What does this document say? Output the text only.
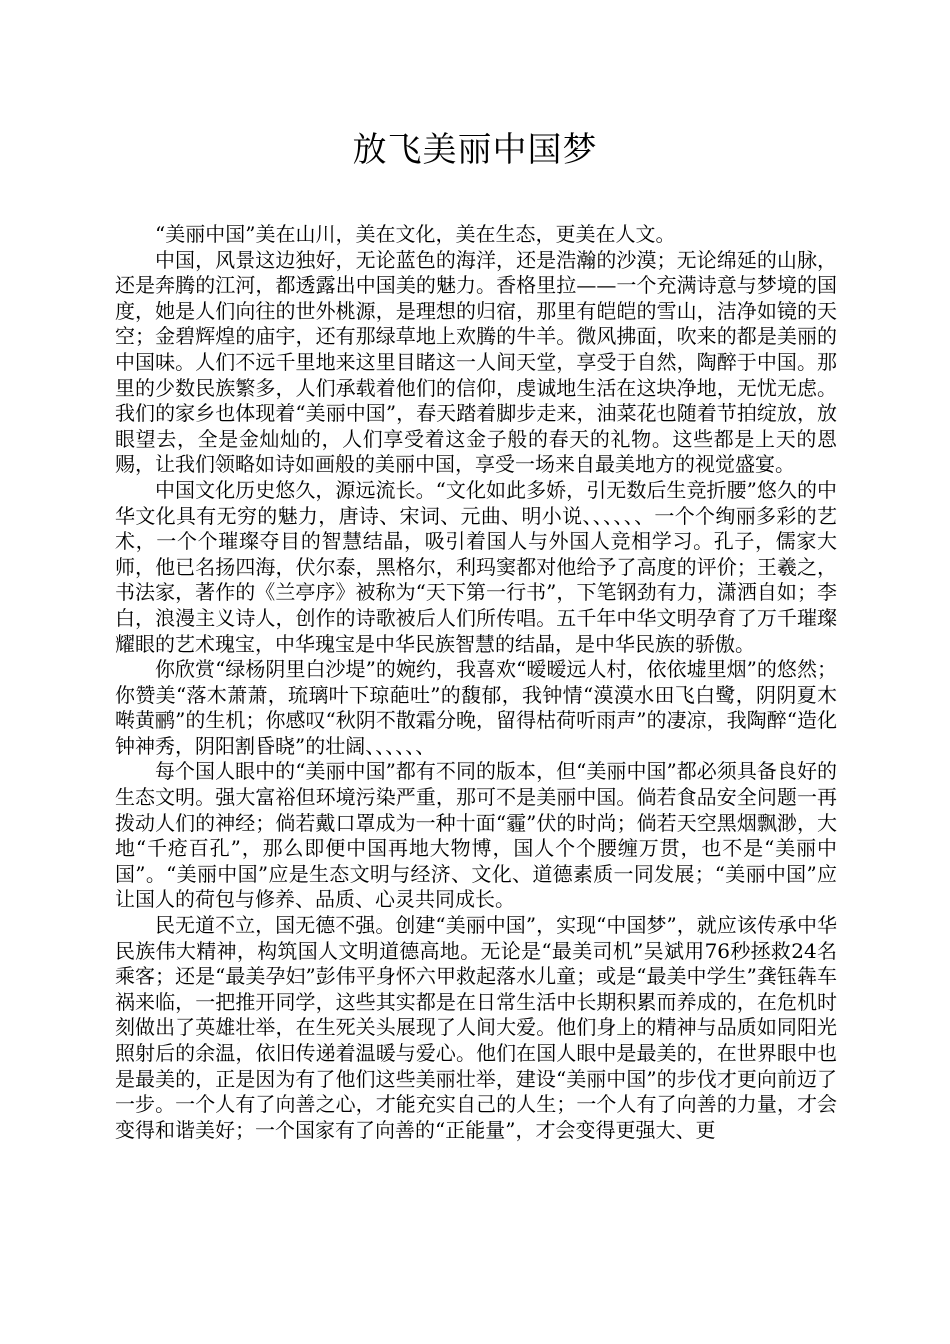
放飞美丽中国梦

“美丽中国”美在山川，美在文化，美在生态，更美在人文。

中国，风景这边独好，无论蓝色的海洋，还是浩瀚的沙漠；无论绵延的山脉，还是奔腾的江河，都透露出中国美的魅力。香格里拉——一个充满诗意与梦境的国度，她是人们向往的世外桃源，是理想的归宿，那里有皑皑的雪山，洁净如镜的天空；金碧辉煌的庙宇，还有那绿草地上欢腾的牛羊。微风拂面，吹来的都是美丽的中国味。人们不远千里地来这里目睹这一人间天堂，享受于自然，陶醉于中国。那里的少数民族繁多，人们承载着他们的信仰，虔诚地生活在这块净地，无忧无虑。我们的家乡也体现着“美丽中国”，春天踏着脚步走来，油菜花也随着节拍绽放，放眼望去，全是金灿灿的，人们享受着这金子般的春天的礼物。这些都是上天的恩赐，让我们领略如诗如画般的美丽中国，享受一场来自最美地方的视觉盛宴。

中国文化历史悠久，源远流长。“文化如此多娇，引无数后生竞折腰”悠久的中华文化具有无穷的魅力，唐诗、宋词、元曲、明小说、、、、、、一个个绚丽多彩的艺术，一个个璀璨夺目的智慧结晶，吸引着国人与外国人竞相学习。孔子，儒家大师，他已名扬四海，伏尔泰，黑格尔，利玛窦都对他给予了高度的评价；王羲之，书法家，著作的《兰亭序》被称为“天下第一行书”，下笔钢劲有力，潇洒自如；李白，浪漫主义诗人，创作的诗歌被后人们所传唱。五千年中华文明孕育了万千璀璨耀眼的艺术瑰宝，中华瑰宝是中华民族智慧的结晶，是中华民族的骄傲。

你欣赏“绿杨阴里白沙堤”的婉约，我喜欢“暧暧远人村，依依墟里烟”的悠然；你赞美“落木萧萧，琉璃叶下琼葩吐”的馥郁，我钟情“漠漠水田飞白鹭，阴阴夏木啭黄鹂”的生机；你感叹“秋阴不散霜分晚，留得枯荷听雨声”的凄凉，我陶醉“造化钟神秀，阴阳割昏晓”的壮阔、、、、、、

每个国人眼中的“美丽中国”都有不同的版本，但“美丽中国”都必须具备良好的生态文明。强大富裕但环境污染严重，那可不是美丽中国。倘若食品安全问题一再拨动人们的神经；倘若戴口罩成为一种十面“霾”伏的时尚；倘若天空黑烟飘渺，大地“千疮百孔”，那么即便中国再地大物博，国人个个腰缠万贯，也不是“美丽中国”。“美丽中国”应是生态文明与经济、文化、道德素质一同发展；“美丽中国”应让国人的荷包与修养、品质、心灵共同成长。

民无道不立，国无德不强。创建“美丽中国”，实现“中国梦”，就应该传承中华民族伟大精神，构筑国人文明道德高地。无论是“最美司机”吴斌用76秒拯救24名乘客；还是“最美孕妇”彭伟平身怀六甲救起落水儿童；或是“最美中学生”龚钰犇车祸来临，一把推开同学，这些其实都是在日常生活中长期积累而养成的，在危机时刻做出了英雄壮举，在生死关头展现了人间大爱。他们身上的精神与品质如同阳光照射后的余温，依旧传递着温暖与爱心。他们在国人眼中是最美的，在世界眼中也是最美的，正是因为有了他们这些美丽壮举，建设“美丽中国”的步伐才更向前迈了一步。一个人有了向善之心，才能充实自己的人生；一个人有了向善的力量，才会变得和谐美好；一个国家有了向善的“正能量”，才会变得更强大、更
